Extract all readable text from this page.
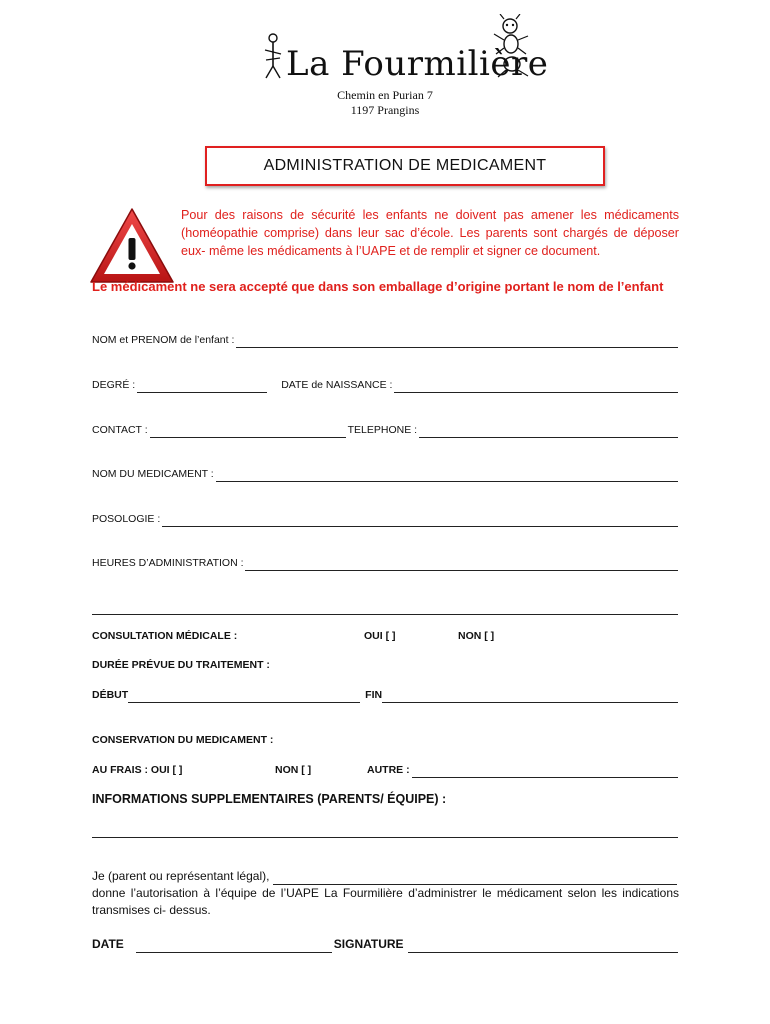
La Fourmilière
Chemin en Purian 7
1197 Prangins
ADMINISTRATION DE MEDICAMENT
Pour des raisons de sécurité les enfants ne doivent pas amener les médicaments (homéopathie comprise) dans leur sac d’école. Les parents sont chargés de déposer eux- même les médicaments à l’UAPE et de remplir et signer ce document.
Le médicament ne sera accepté que dans son emballage d’origine portant le nom de l’enfant
NOM et PRENOM de l’enfant :
DEGRÉ :	DATE de NAISSANCE :
CONTACT :	TELEPHONE :
NOM DU MEDICAMENT :
POSOLOGIE :
HEURES D’ADMINISTRATION :
CONSULTATION MÉDICALE :	OUI [ ]	NON [ ]
DURÉE PRÉVUE DU TRAITEMENT :
DÉBUT	FIN
CONSERVATION DU MEDICAMENT :
AU FRAIS : OUI [ ]	NON [ ]	AUTRE :
INFORMATIONS SUPPLEMENTAIRES (PARENTS/ ÉQUIPE) :
Je (parent ou représentant légal),
donne l’autorisation à l’équipe de l’UAPE La Fourmilière d’administrer le médicament selon les indications transmises ci- dessus.
DATE	SIGNATURE
